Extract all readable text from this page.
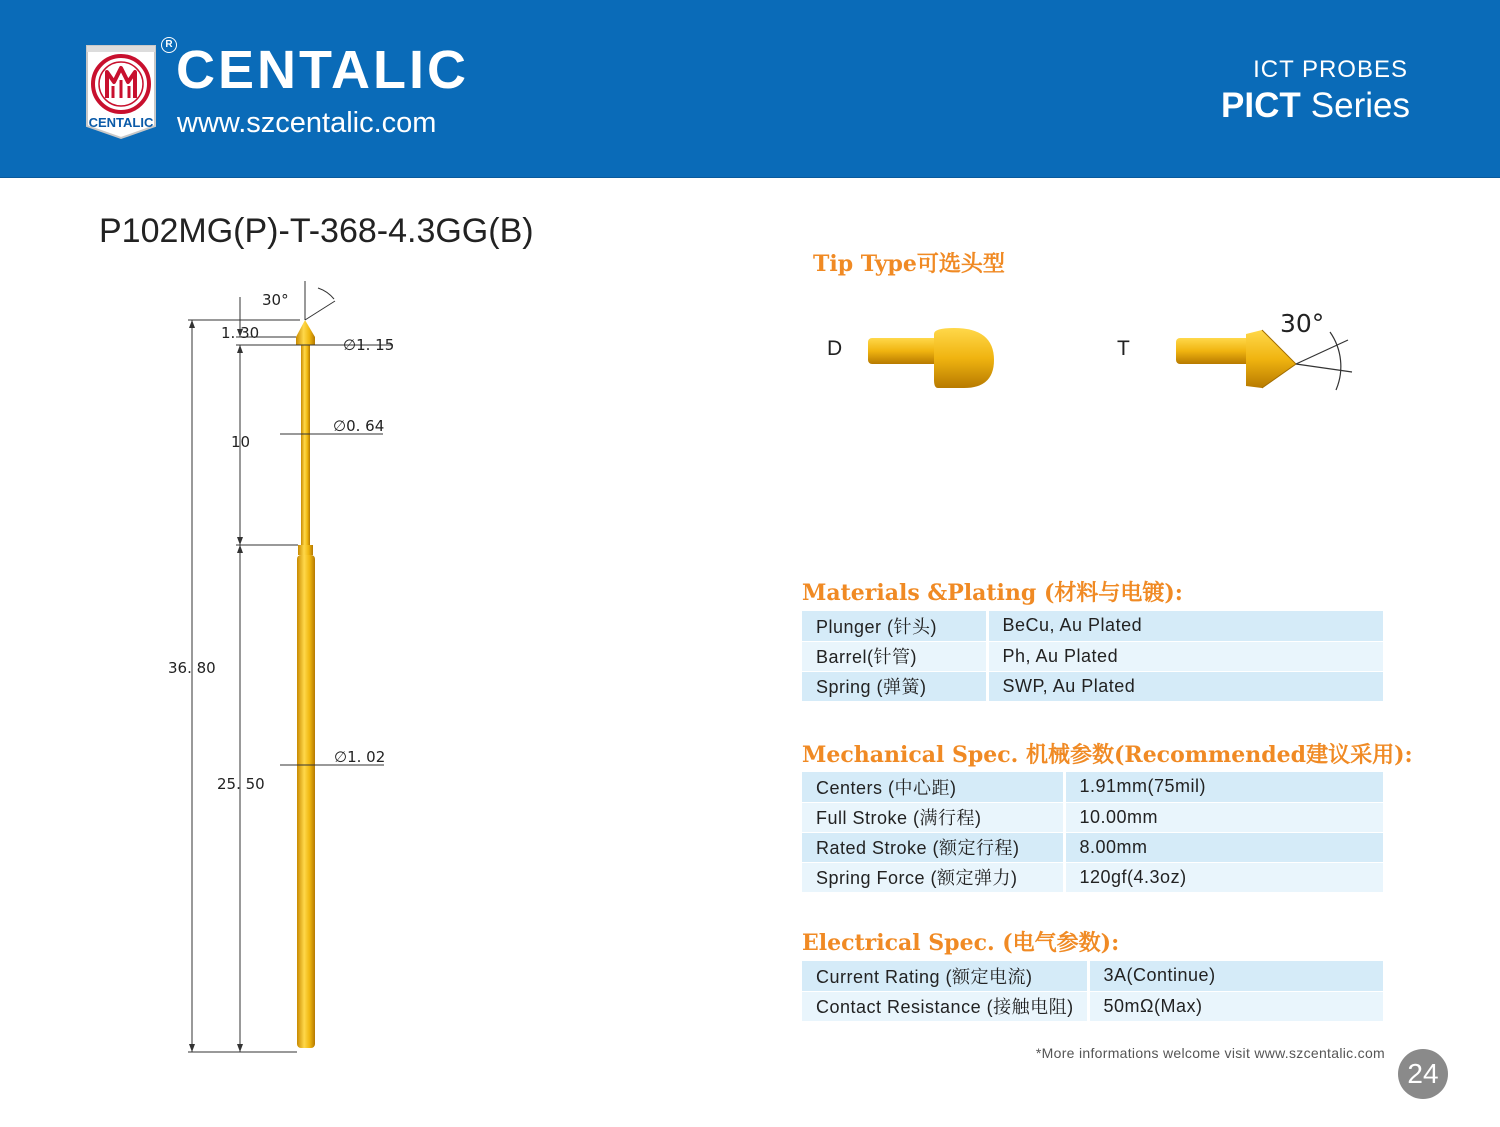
CENTALIC
R CENTALIC
www.szcentalic.com
ICT PROBES
PICT Series
P102MG(P)-T-368-4.3GG(B)
30°
1. 30
∅1. 15
10
∅0. 64
36. 80
∅1. 02
25. 50
Tip Type可选头型
D	T
30°
Materials &Plating (材料与电镀):
Plunger (针头)	BeCu, Au Plated
Barrel(针管)	Ph, Au Plated
Spring (弹簧)	SWP, Au Plated
Mechanical Spec. 机械参数(Recommended建议采用):
Centers (中心距)	1.91mm(75mil)
Full Stroke (满行程)	10.00mm
Rated Stroke (额定行程)	8.00mm
Spring Force (额定弹力)	120gf(4.3oz)
Electrical Spec. (电气参数):
Current Rating (额定电流)	3A(Continue)
Contact Resistance (接触电阻)	50mΩ(Max)
*More informations welcome visit www.szcentalic.com
24
